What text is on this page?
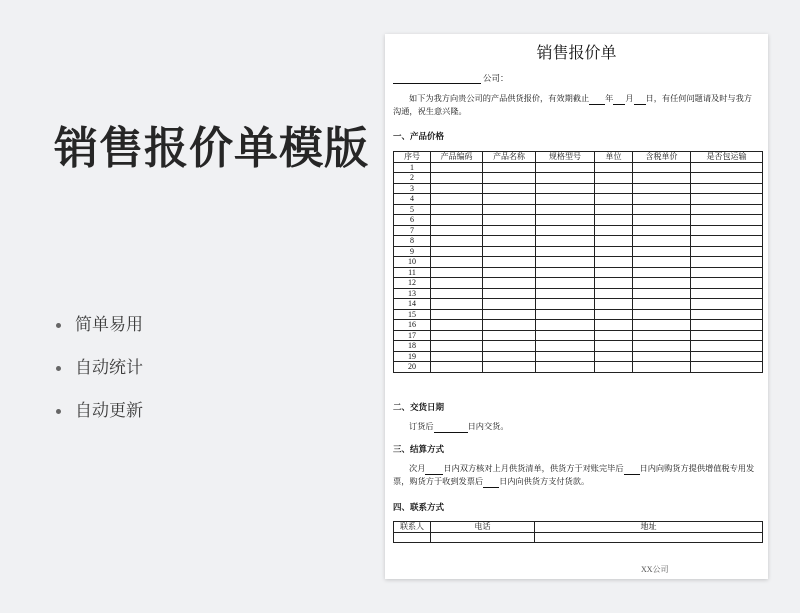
销售报价单模版
简单易用
自动统计
自动更新
销售报价单
公司：
如下为我方向贵公司的产品供货报价，有效期截止 年 月 日，有任何问题请及时与我方沟通，祝生意兴隆。
一、产品价格
序号	产品编码	产品名称	规格型号	单位	含税单价	是否包运输
1						
2						
3						
4						
5						
6						
7						
8						
9						
10						
11						
12						
13						
14						
15						
16						
17						
18						
19						
20						
二、交货日期
订货后	日内交货。
三、结算方式
次月 日内双方核对上月供货清单，供货方于对账完毕后 日内向购货方提供增值税专用发票，购货方于收到发票后 日内向供货方支付货款。
四、联系方式
联系人	电话	地址

XX公司
